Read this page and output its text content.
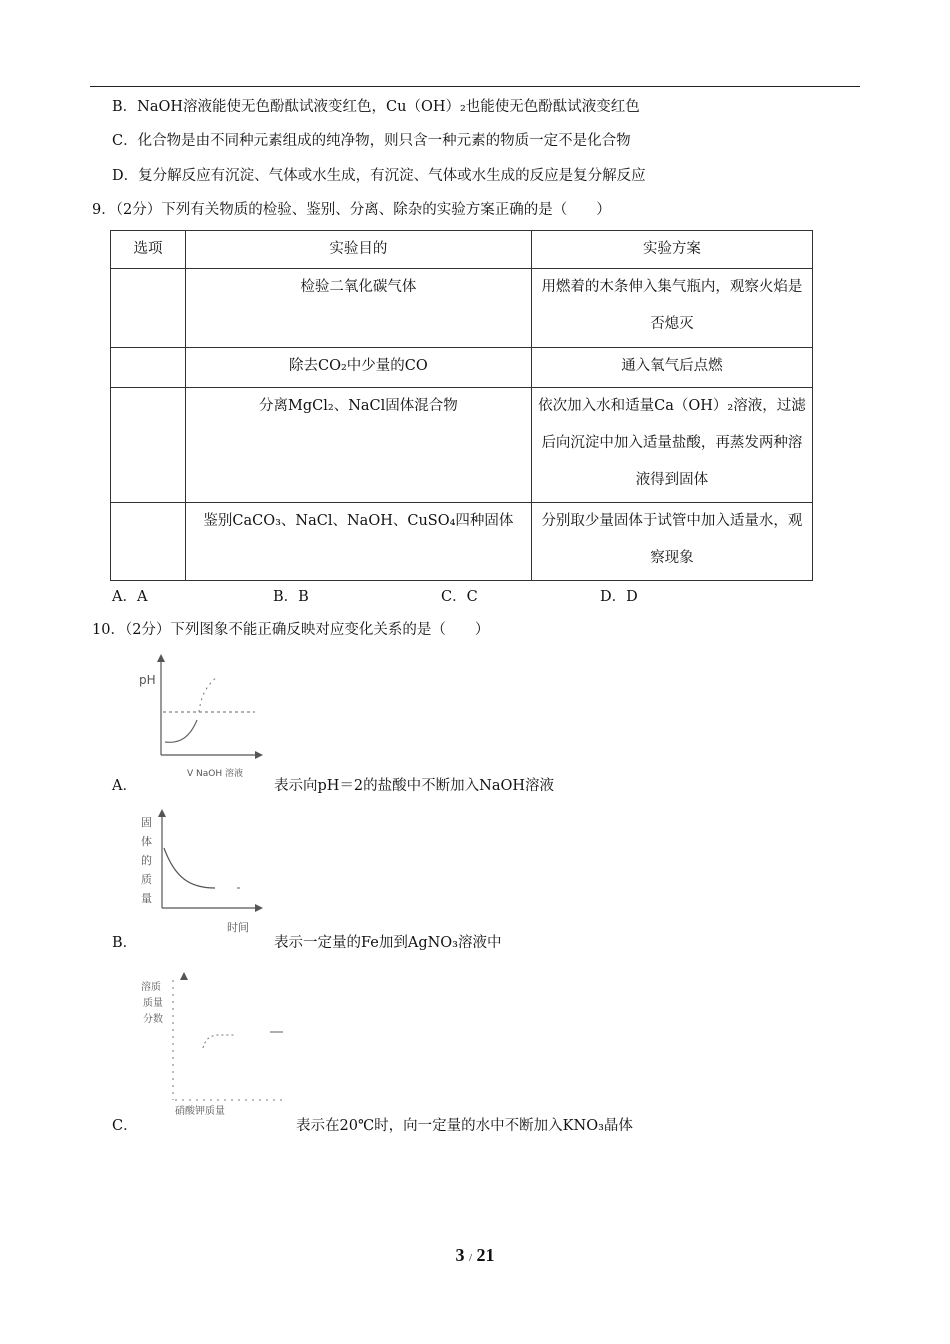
B．NaOH溶液能使无色酚酞试液变红色，Cu（OH）₂也能使无色酚酞试液变红色
C．化合物是由不同种元素组成的纯净物，则只含一种元素的物质一定不是化合物
D．复分解反应有沉淀、气体或水生成，有沉淀、气体或水生成的反应是复分解反应
9．（2分）下列有关物质的检验、鉴别、分离、除杂的实验方案正确的是（　　）
选项	实验目的	实验方案
	检验二氧化碳气体	用燃着的木条伸入集气瓶内，观察火焰是否熄灭
	除去CO₂中少量的CO	通入氧气后点燃
	分离MgCl₂、NaCl固体混合物	依次加入水和适量Ca（OH）₂溶液，过滤后向沉淀中加入适量盐酸，再蒸发两种溶液得到固体
	鉴别CaCO₃、NaCl、NaOH、CuSO₄四种固体	分别取少量固体于试管中加入适量水，观察现象
A．A	B．B	C．C	D．D
10．（2分）下列图象不能正确反映对应变化关系的是（　　）
pH
V NaOH 溶液
A．	表示向pH＝2的盐酸中不断加入NaOH溶液
固体的质量
时间
B．	表示一定量的Fe加到AgNO₃溶液中
溶质质量分数
硝酸钾质量
C．	表示在20℃时，向一定量的水中不断加入KNO₃晶体
3 / 21
